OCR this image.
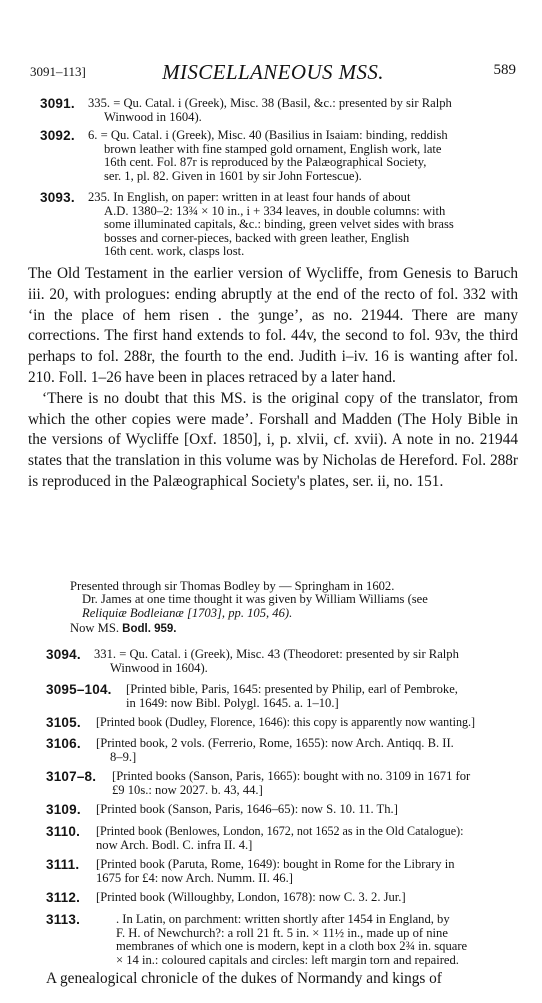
3091–113]	MISCELLANEOUS MSS.	589
3091.	335. = Qu. Catal. i (Greek), Misc. 38 (Basil, &c.: presented by sir Ralph
Winwood in 1604).
3092.	6. = Qu. Catal. i (Greek), Misc. 40 (Basilius in Isaiam: binding, reddish
brown leather with fine stamped gold ornament, English work, late
16th cent. Fol. 87r is reproduced by the Palæographical Society,
ser. 1, pl. 82. Given in 1601 by sir John Fortescue).
3093.	235. In English, on paper: written in at least four hands of about
A.D. 1380–2: 13¾ × 10 in., i + 334 leaves, in double columns: with
some illuminated capitals, &c.: binding, green velvet sides with brass
bosses and corner-pieces, backed with green leather, English
16th cent. work, clasps lost.

The Old Testament in the earlier version of Wycliffe, from Genesis to Baruch iii. 20, with prologues: ending abruptly at the end of the recto of fol. 332 with ‘in the place of hem risen . the ȝunge’, as no. 21944. There are many corrections. The first hand extends to fol. 44v, the second to fol. 93v, the third perhaps to fol. 288r, the fourth to the end. Judith i–iv. 16 is wanting after fol. 210. Foll. 1–26 have been in places retraced by a later hand.

‘There is no doubt that this MS. is the original copy of the translator, from which the other copies were made’. Forshall and Madden (The Holy Bible in the versions of Wycliffe [Oxf. 1850], i, p. xlvii, cf. xvii). A note in no. 21944 states that the translation in this volume was by Nicholas de Hereford. Fol. 288r is reproduced in the Palæographical Society's plates, ser. ii, no. 151.

Presented through sir Thomas Bodley by — Springham in 1602.
Dr. James at one time thought it was given by William Williams (see
Reliquiæ Bodleianæ [1703], pp. 105, 46).
Now MS. Bodl. 959.
3094.	331. = Qu. Catal. i (Greek), Misc. 43 (Theodoret: presented by sir Ralph
Winwood in 1604).
3095–104.	[Printed bible, Paris, 1645: presented by Philip, earl of Pembroke,
in 1649: now Bibl. Polygl. 1645. a. 1–10.]
3105.	[Printed book (Dudley, Florence, 1646): this copy is apparently now wanting.]
3106.	[Printed book, 2 vols. (Ferrerio, Rome, 1655): now Arch. Antiqq. B. II.
8–9.]
3107–8.	[Printed books (Sanson, Paris, 1665): bought with no. 3109 in 1671 for
£9 10s.: now 2027. b. 43, 44.]
3109.	[Printed book (Sanson, Paris, 1646–65): now S. 10. 11. Th.]
3110.	[Printed book (Benlowes, London, 1672, not 1652 as in the Old Catalogue):
now Arch. Bodl. C. infra II. 4.]
3111.	[Printed book (Paruta, Rome, 1649): bought in Rome for the Library in
1675 for £4: now Arch. Numm. II. 46.]
3112.	[Printed book (Willoughby, London, 1678): now C. 3. 2. Jur.]
3113.	. In Latin, on parchment: written shortly after 1454 in England, by
F. H. of Newchurch?: a roll 21 ft. 5 in. × 11½ in., made up of nine
membranes of which one is modern, kept in a cloth box 2¾ in. square
× 14 in.: coloured capitals and circles: left margin torn and repaired.
A genealogical chronicle of the dukes of Normandy and kings of
